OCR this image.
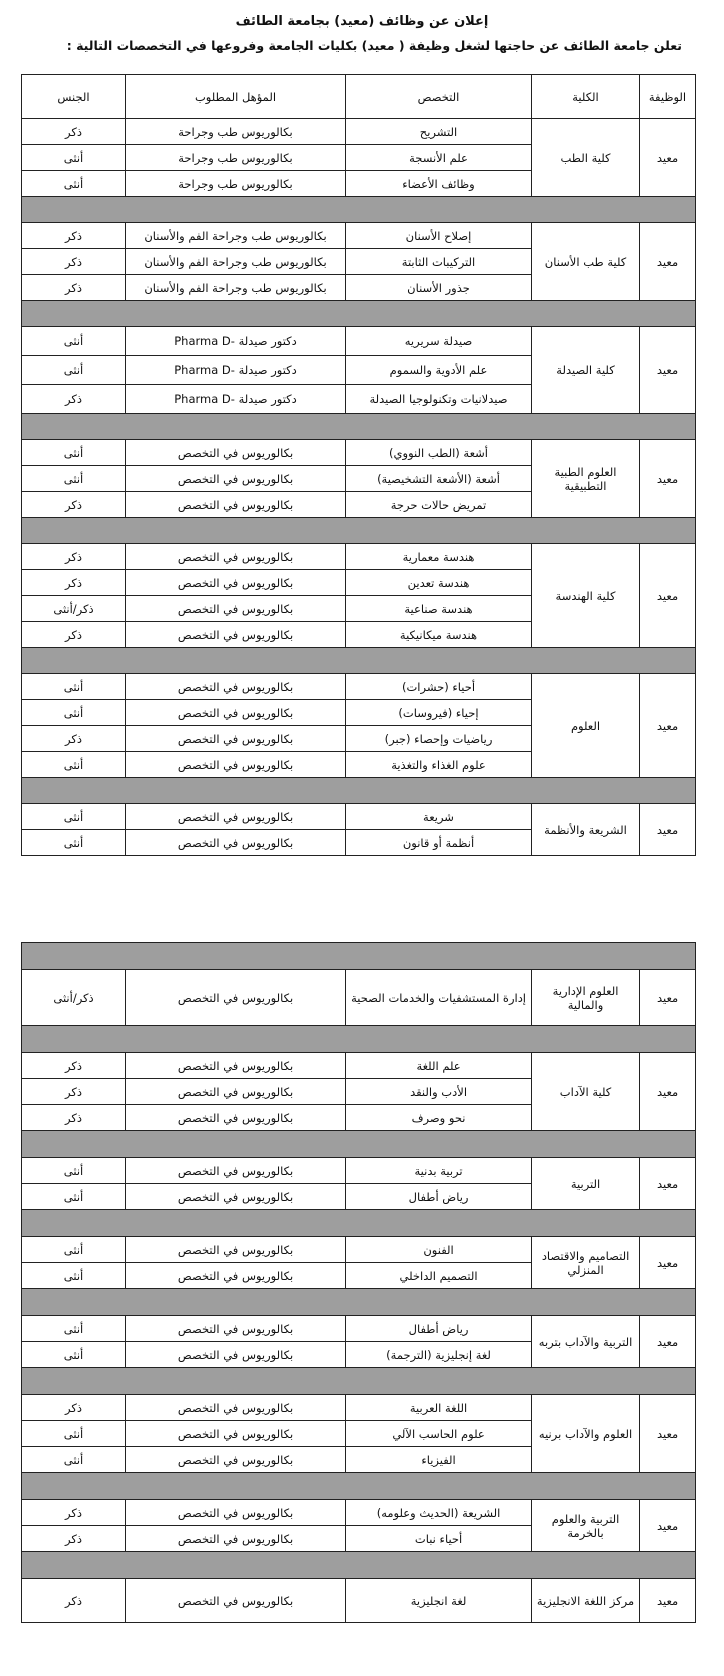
إعلان عن وظائف (معيد) بجامعة الطائف
تعلن جامعة الطائف عن حاجتها لشغل وظيفة ( معيد) بكليات الجامعة وفروعها في التخصصات التالية :
الوظيفة	الكلية	التخصص	المؤهل المطلوب	الجنس
معيد	كلية الطب	التشريح	بكالوريوس طب وجراحة	ذكر
		علم الأنسجة	بكالوريوس طب وجراحة	أنثى
		وظائف الأعضاء	بكالوريوس طب وجراحة	أنثى

معيد	كلية طب الأسنان	إصلاح الأسنان	بكالوريوس طب وجراحة الفم والأسنان	ذكر
		التركيبات الثابتة	بكالوريوس طب وجراحة الفم والأسنان	ذكر
		جذور الأسنان	بكالوريوس طب وجراحة الفم والأسنان	ذكر

معيد	كلية الصيدلة	صيدلة سريريه	دكتور صيدلة -Pharma D	أنثى
		علم الأدوية والسموم	دكتور صيدلة -Pharma D	أنثى
		صيدلانيات وتكنولوجيا الصيدلة	دكتور صيدلة -Pharma D	ذكر

معيد	العلوم الطبية التطبيقية	أشعة (الطب النووي)	بكالوريوس في التخصص	أنثى
		أشعة (الأشعة التشخيصية)	بكالوريوس في التخصص	أنثى
		تمريض حالات حرجة	بكالوريوس في التخصص	ذكر

معيد	كلية الهندسة	هندسة معمارية	بكالوريوس في التخصص	ذكر
		هندسة تعدين	بكالوريوس في التخصص	ذكر
		هندسة صناعية	بكالوريوس في التخصص	ذكر/أنثى
		هندسة ميكانيكية	بكالوريوس في التخصص	ذكر

معيد	العلوم	أحياء (حشرات)	بكالوريوس في التخصص	أنثى
		إحياء (فيروسات)	بكالوريوس في التخصص	أنثى
		رياضيات وإحصاء (جبر)	بكالوريوس في التخصص	ذكر
		علوم الغذاء والتغذية	بكالوريوس في التخصص	أنثى

معيد	الشريعة والأنظمة	شريعة	بكالوريوس في التخصص	أنثى
		أنظمة أو قانون	بكالوريوس في التخصص	أنثى

معيد	العلوم الإدارية والمالية	إدارة المستشفيات والخدمات الصحية	بكالوريوس في التخصص	ذكر/أنثى

معيد	كلية الآداب	علم اللغة	بكالوريوس في التخصص	ذكر
		الأدب والنقد	بكالوريوس في التخصص	ذكر
		نحو وصرف	بكالوريوس في التخصص	ذكر

معيد	التربية	تربية بدنية	بكالوريوس في التخصص	أنثى
		رياض أطفال	بكالوريوس في التخصص	أنثى

معيد	التصاميم والاقتصاد المنزلي	الفنون	بكالوريوس في التخصص	أنثى
		التصميم الداخلي	بكالوريوس في التخصص	أنثى

معيد	التربية والآداب بتربه	رياض أطفال	بكالوريوس في التخصص	أنثى
		لغة إنجليزية (الترجمة)	بكالوريوس في التخصص	أنثى

معيد	العلوم والآداب برنيه	اللغة العربية	بكالوريوس في التخصص	ذكر
		علوم الحاسب الآلي	بكالوريوس في التخصص	أنثى
		الفيزياء	بكالوريوس في التخصص	أنثى

معيد	التربية والعلوم بالخرمة	الشريعة (الحديث وعلومه)	بكالوريوس في التخصص	ذكر
		أحياء نبات	بكالوريوس في التخصص	ذكر

معيد	مركز اللغة الانجليزية	لغة انجليزية	بكالوريوس في التخصص	ذكر
